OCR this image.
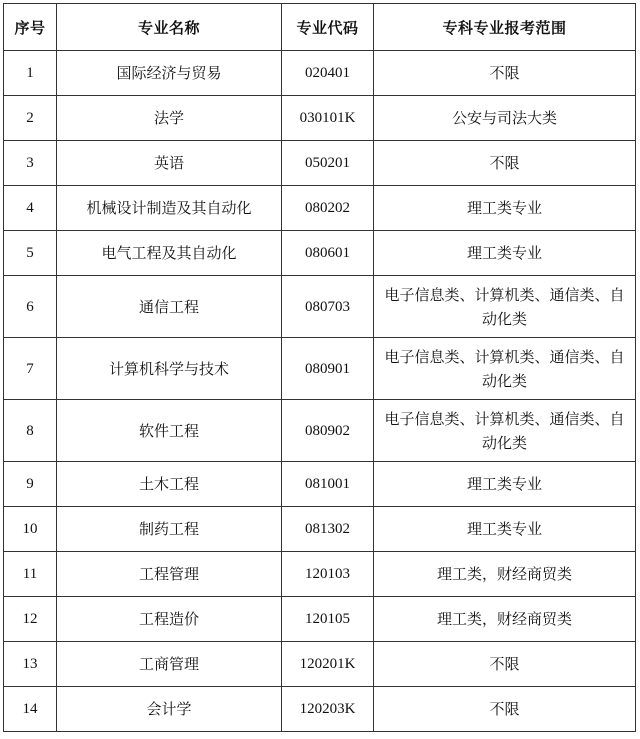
序号	专业名称	专业代码	专科专业报考范围
1	国际经济与贸易	020401	不限
2	法学	030101K	公安与司法大类
3	英语	050201	不限
4	机械设计制造及其自动化	080202	理工类专业
5	电气工程及其自动化	080601	理工类专业
6	通信工程	080703	电子信息类、计算机类、通信类、自动化类

7	计算机科学与技术	080901	电子信息类、计算机类、通信类、自动化类

8	软件工程	080902	电子信息类、计算机类、通信类、自动化类

9	土木工程	081001	理工类专业
10	制药工程	081302	理工类专业
11	工程管理	120103	理工类，财经商贸类
12	工程造价	120105	理工类，财经商贸类
13	工商管理	120201K	不限
14	会计学	120203K	不限
